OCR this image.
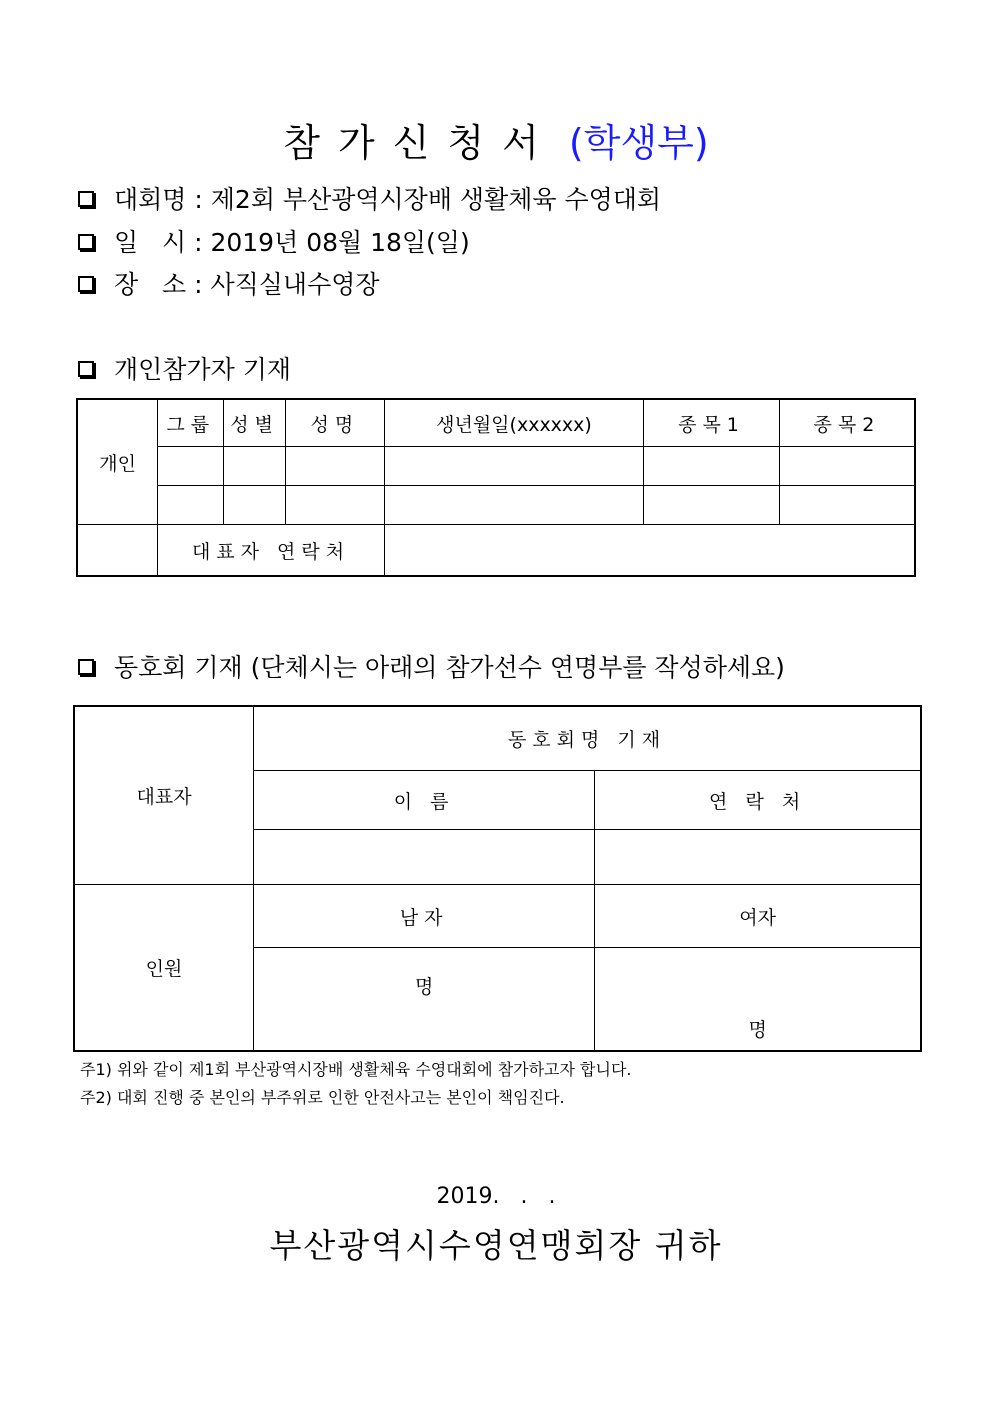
참가신청서 (학생부)
대회명 : 제2회 부산광역시장배 생활체육 수영대회
일   시 : 2019년 08월 18일(일)
장   소 : 사직실내수영장
개인참가자 기재
개인	그룹	성별	성명	생년월일(xxxxxx)	종목1	종목2

	대표자 연락처					
동호회 기재 (단체시는 아래의 참가선수 연명부를 작성하세요)
대표자	동호회명 기재	
	이 름	연 락 처

인원	남자	여자
	명	명
주1) 위와 같이 제1회 부산광역시장배 생활체육 수영대회에 참가하고자 합니다.
주2) 대회 진행 중 본인의 부주위로 인한 안전사고는 본인이 책임진다.
2019.   .   .
부산광역시수영연맹회장 귀하
